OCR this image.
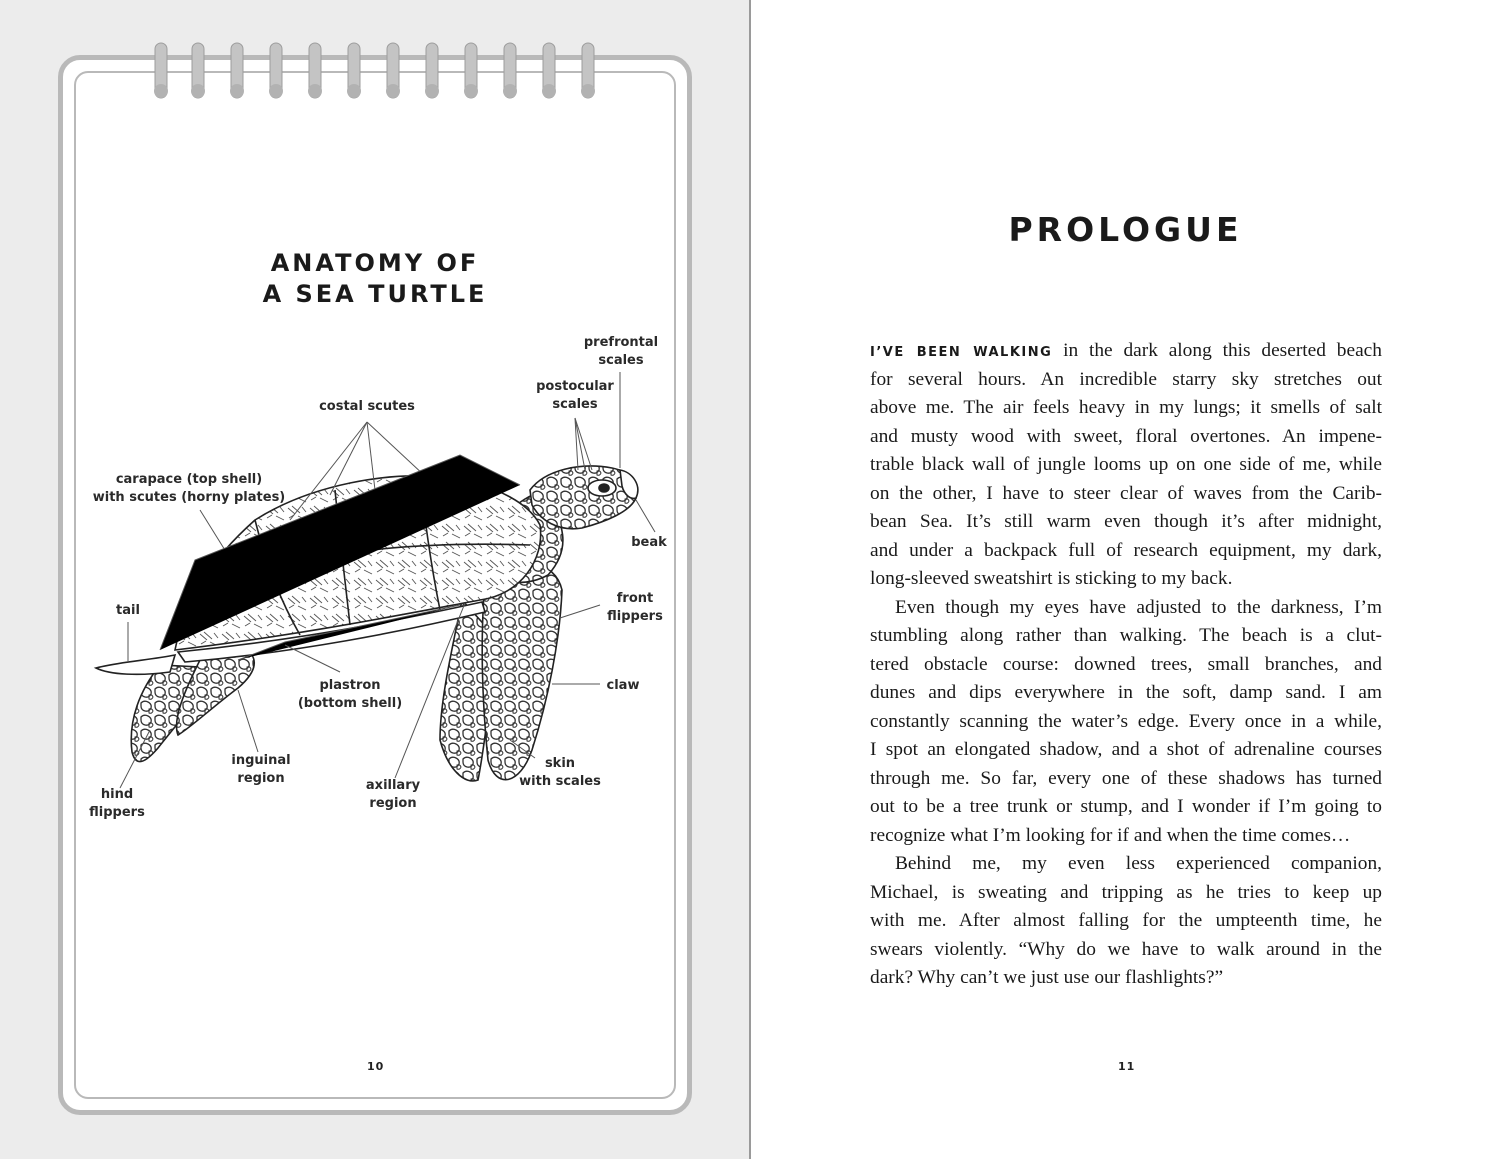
ANATOMY OF
A SEA TURTLE
prefrontal
scales
postocular
scales
costal scutes
carapace (top shell)
with scutes (horny plates)
beak
tail
front
flippers
claw
plastron
(bottom shell)
inguinal
region
skin
with scales
axillary
region
hind
flippers
10
PROLOGUE
I’VE BEEN WALKING in the dark along this deserted beach
for several hours. An incredible starry sky stretches out
above me. The air feels heavy in my lungs; it smells of salt
and musty wood with sweet, floral overtones. An impene-
trable black wall of jungle looms up on one side of me, while
on the other, I have to steer clear of waves from the Carib-
bean Sea. It’s still warm even though it’s after midnight,
and under a backpack full of research equipment, my dark,
long-sleeved sweatshirt is sticking to my back.
Even though my eyes have adjusted to the darkness, I’m
stumbling along rather than walking. The beach is a clut-
tered obstacle course: downed trees, small branches, and
dunes and dips everywhere in the soft, damp sand. I am
constantly scanning the water’s edge. Every once in a while,
I spot an elongated shadow, and a shot of adrenaline courses
through me. So far, every one of these shadows has turned
out to be a tree trunk or stump, and I wonder if I’m going to
recognize what I’m looking for if and when the time comes…
Behind me, my even less experienced companion,
Michael, is sweating and tripping as he tries to keep up
with me. After almost falling for the umpteenth time, he
swears violently. “Why do we have to walk around in the
dark? Why can’t we just use our flashlights?”
11
